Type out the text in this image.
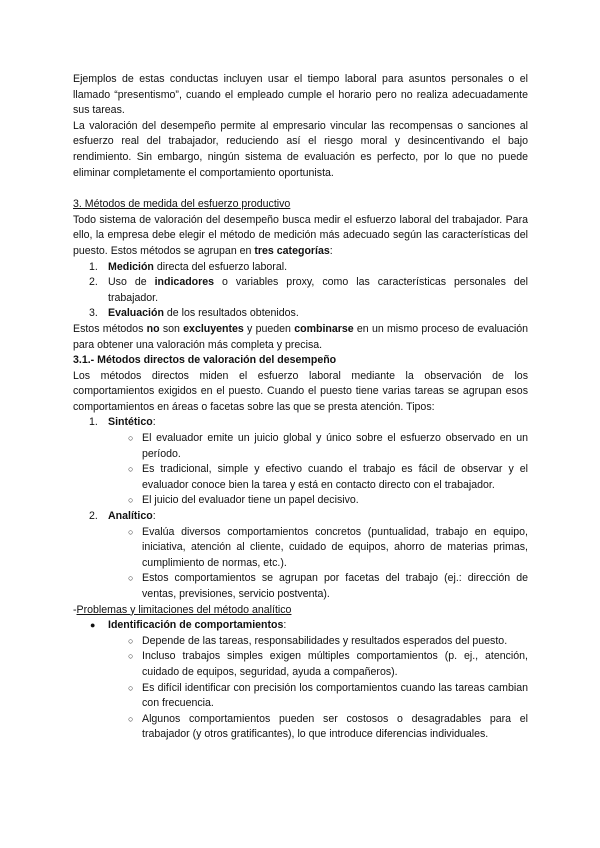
Ejemplos de estas conductas incluyen usar el tiempo laboral para asuntos personales o el llamado “presentismo”, cuando el empleado cumple el horario pero no realiza adecuadamente sus tareas.

La valoración del desempeño permite al empresario vincular las recompensas o sanciones al esfuerzo real del trabajador, reduciendo así el riesgo moral y desincentivando el bajo rendimiento. Sin embargo, ningún sistema de evaluación es perfecto, por lo que no puede eliminar completamente el comportamiento oportunista.

3. Métodos de medida del esfuerzo productivo

Todo sistema de valoración del desempeño busca medir el esfuerzo laboral del trabajador. Para ello, la empresa debe elegir el método de medición más adecuado según las características del puesto. Estos métodos se agrupan en tres categorías:

1. Medición directa del esfuerzo laboral.
2. Uso de indicadores o variables proxy, como las características personales del trabajador.
3. Evaluación de los resultados obtenidos.

Estos métodos no son excluyentes y pueden combinarse en un mismo proceso de evaluación para obtener una valoración más completa y precisa.

3.1.- Métodos directos de valoración del desempeño

Los métodos directos miden el esfuerzo laboral mediante la observación de los comportamientos exigidos en el puesto. Cuando el puesto tiene varias tareas se agrupan esos comportamientos en áreas o facetas sobre las que se presta atención. Tipos:

1. Sintético:
○ El evaluador emite un juicio global y único sobre el esfuerzo observado en un período.
○ Es tradicional, simple y efectivo cuando el trabajo es fácil de observar y el evaluador conoce bien la tarea y está en contacto directo con el trabajador.
○ El juicio del evaluador tiene un papel decisivo.
2. Analítico:
○ Evalúa diversos comportamientos concretos (puntualidad, trabajo en equipo, iniciativa, atención al cliente, cuidado de equipos, ahorro de materias primas, cumplimiento de normas, etc.).
○ Estos comportamientos se agrupan por facetas del trabajo (ej.: dirección de ventas, previsiones, servicio postventa).

-Problemas y limitaciones del método analítico

● Identificación de comportamientos:
○ Depende de las tareas, responsabilidades y resultados esperados del puesto.
○ Incluso trabajos simples exigen múltiples comportamientos (p. ej., atención, cuidado de equipos, seguridad, ayuda a compañeros).
○ Es difícil identificar con precisión los comportamientos cuando las tareas cambian con frecuencia.
○ Algunos comportamientos pueden ser costosos o desagradables para el trabajador (y otros gratificantes), lo que introduce diferencias individuales.
